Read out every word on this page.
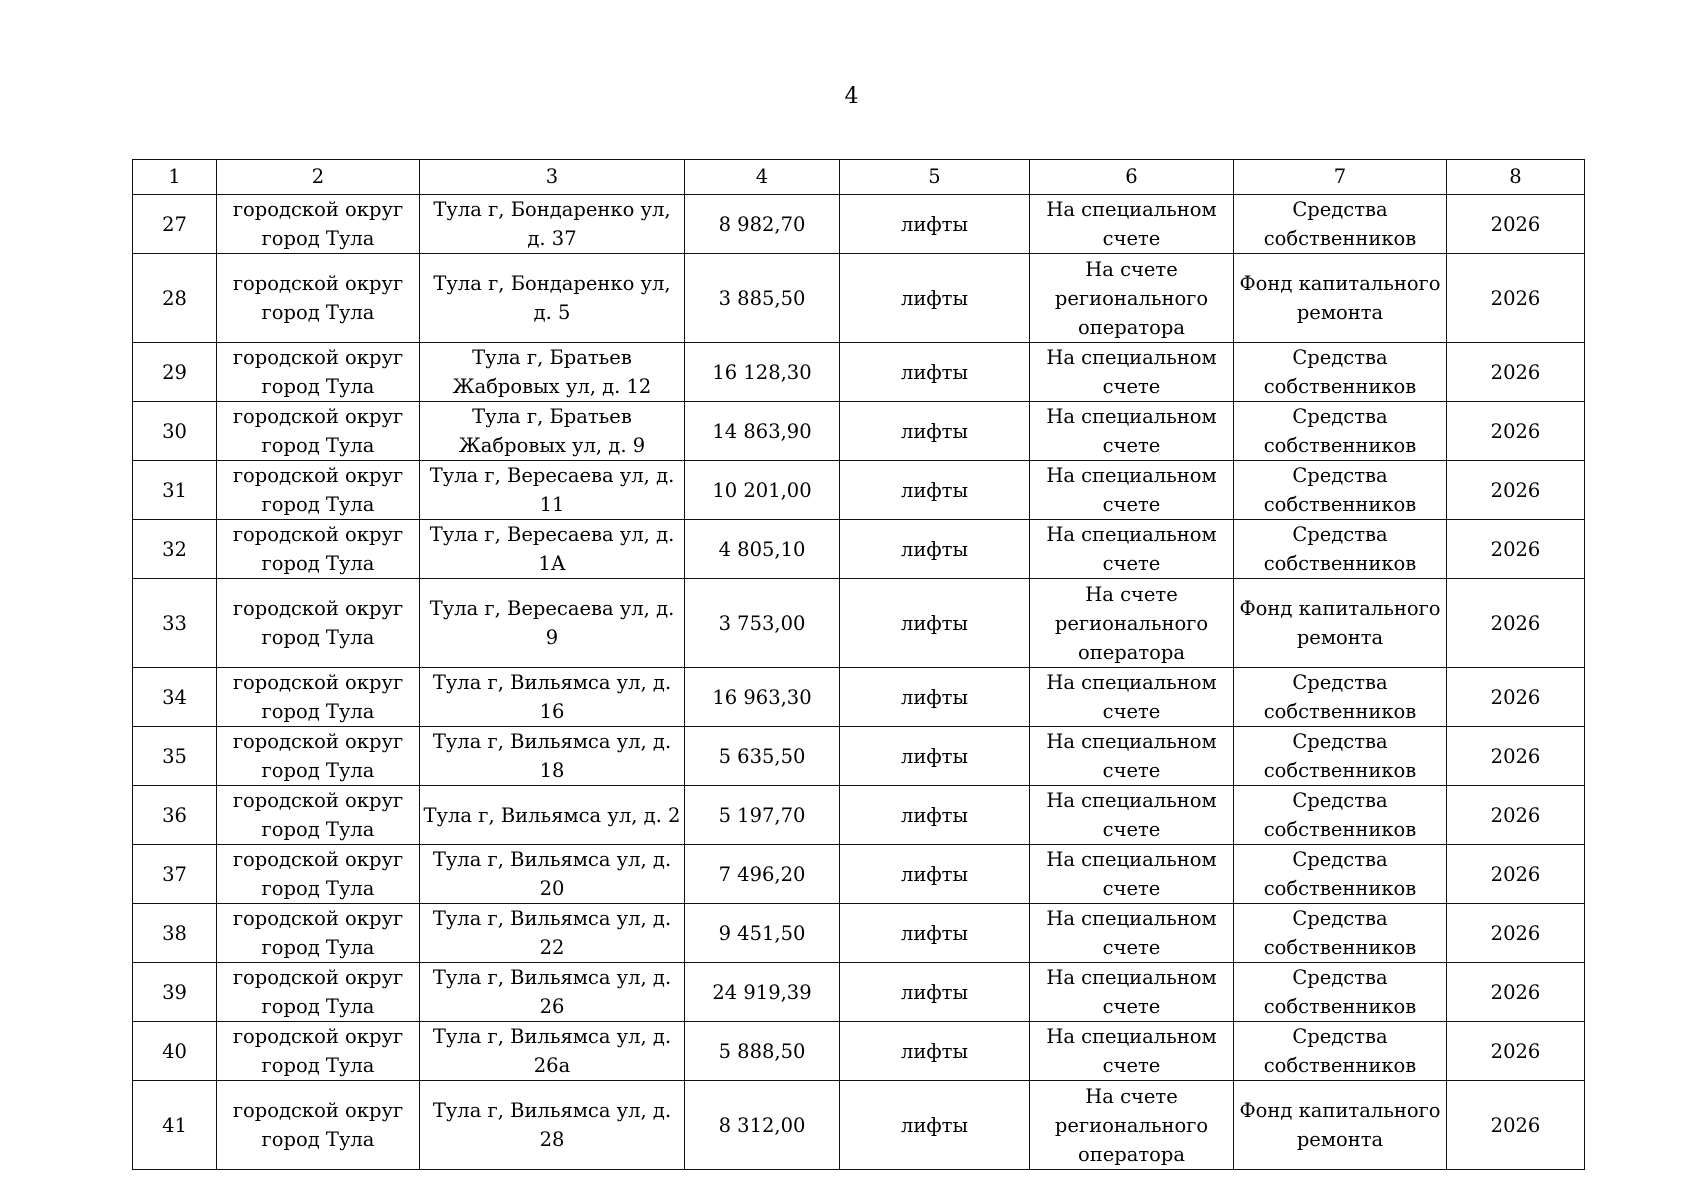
4
1	2	3	4	5	6	7	8
27	городской округ город Тула	Тула г, Бондаренко ул, д. 37	8 982,70	лифты	На специальном счете	Средства собственников	2026
28	городской округ город Тула	Тула г, Бондаренко ул, д. 5	3 885,50	лифты	На счете регионального оператора	Фонд капитального ремонта	2026
29	городской округ город Тула	Тула г, Братьев Жабровых ул, д. 12	16 128,30	лифты	На специальном счете	Средства собственников	2026
30	городской округ город Тула	Тула г, Братьев Жабровых ул, д. 9	14 863,90	лифты	На специальном счете	Средства собственников	2026
31	городской округ город Тула	Тула г, Вересаева ул, д. 11	10 201,00	лифты	На специальном счете	Средства собственников	2026
32	городской округ город Тула	Тула г, Вересаева ул, д. 1А	4 805,10	лифты	На специальном счете	Средства собственников	2026
33	городской округ город Тула	Тула г, Вересаева ул, д. 9	3 753,00	лифты	На счете регионального оператора	Фонд капитального ремонта	2026
34	городской округ город Тула	Тула г, Вильямса ул, д. 16	16 963,30	лифты	На специальном счете	Средства собственников	2026
35	городской округ город Тула	Тула г, Вильямса ул, д. 18	5 635,50	лифты	На специальном счете	Средства собственников	2026
36	городской округ город Тула	Тула г, Вильямса ул, д. 2	5 197,70	лифты	На специальном счете	Средства собственников	2026
37	городской округ город Тула	Тула г, Вильямса ул, д. 20	7 496,20	лифты	На специальном счете	Средства собственников	2026
38	городской округ город Тула	Тула г, Вильямса ул, д. 22	9 451,50	лифты	На специальном счете	Средства собственников	2026
39	городской округ город Тула	Тула г, Вильямса ул, д. 26	24 919,39	лифты	На специальном счете	Средства собственников	2026
40	городской округ город Тула	Тула г, Вильямса ул, д. 26а	5 888,50	лифты	На специальном счете	Средства собственников	2026
41	городской округ город Тула	Тула г, Вильямса ул, д. 28	8 312,00	лифты	На счете регионального оператора	Фонд капитального ремонта	2026
